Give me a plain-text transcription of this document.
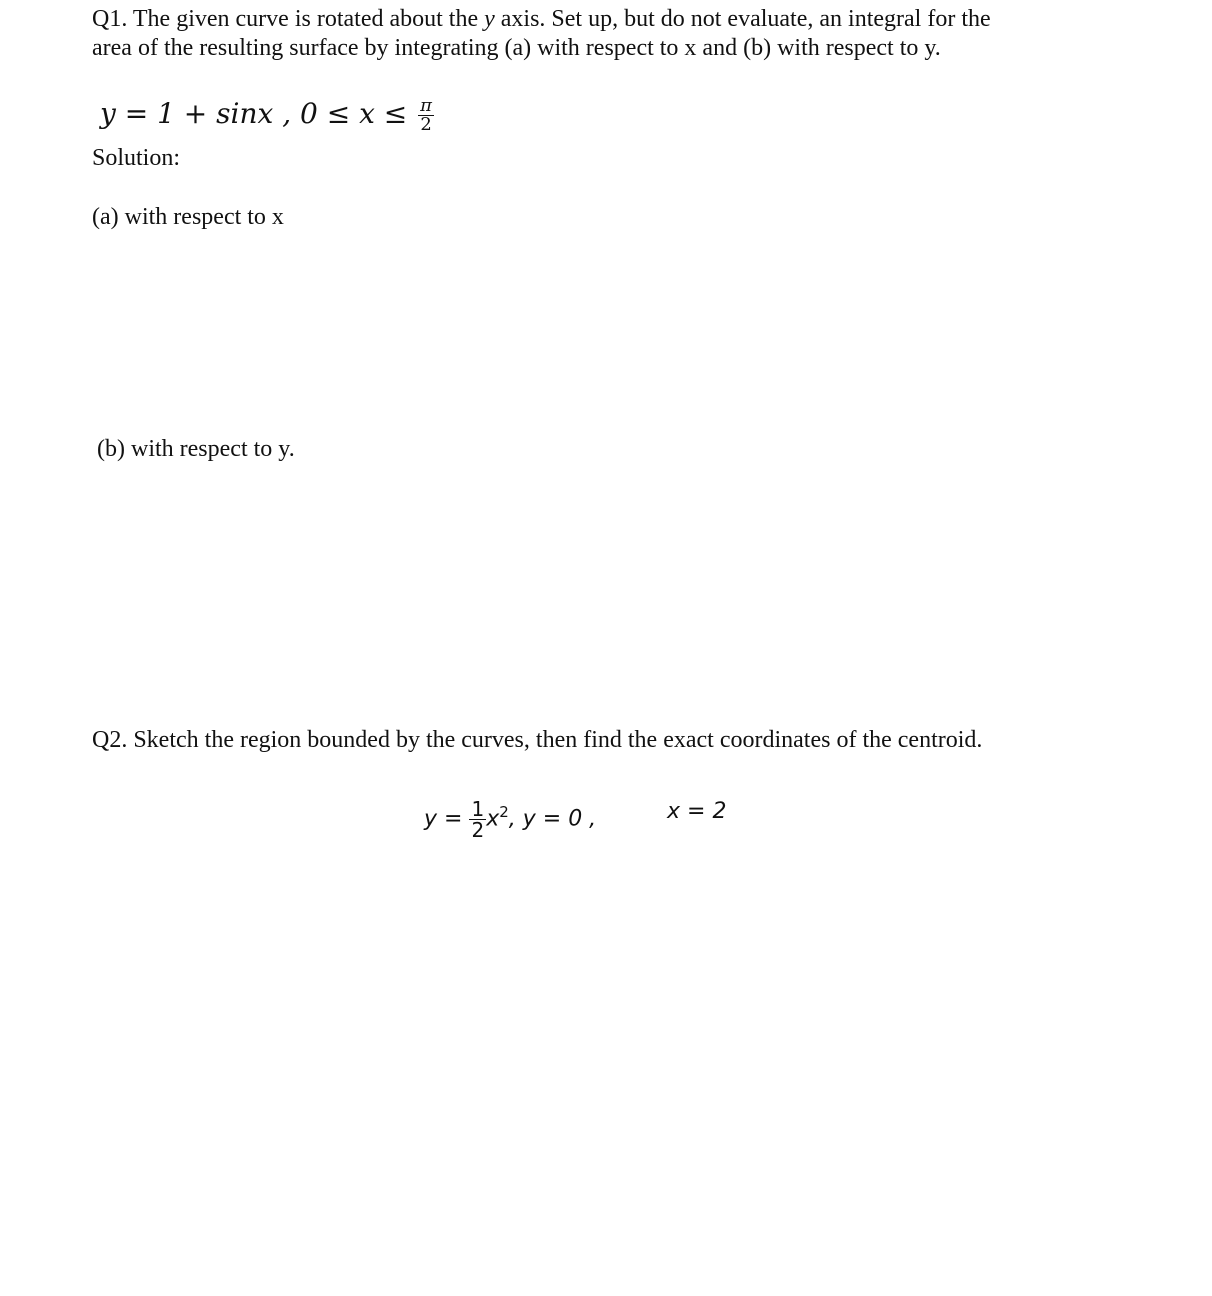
Q1. The given curve is rotated about the y axis. Set up, but do not evaluate, an integral for the

area of the resulting surface by integrating (a) with respect to x and (b) with respect to y.

y = 1 + sinx , $0 \le x \le \frac{\pi}{2}$

Solution:

(a) with respect to x

(b) with respect to y.

Q2. Sketch the region bounded by the curves, then find the exact coordinates of the centroid.

$y = \frac{1}{2} x^2$, y = 0 ,	x = 2
